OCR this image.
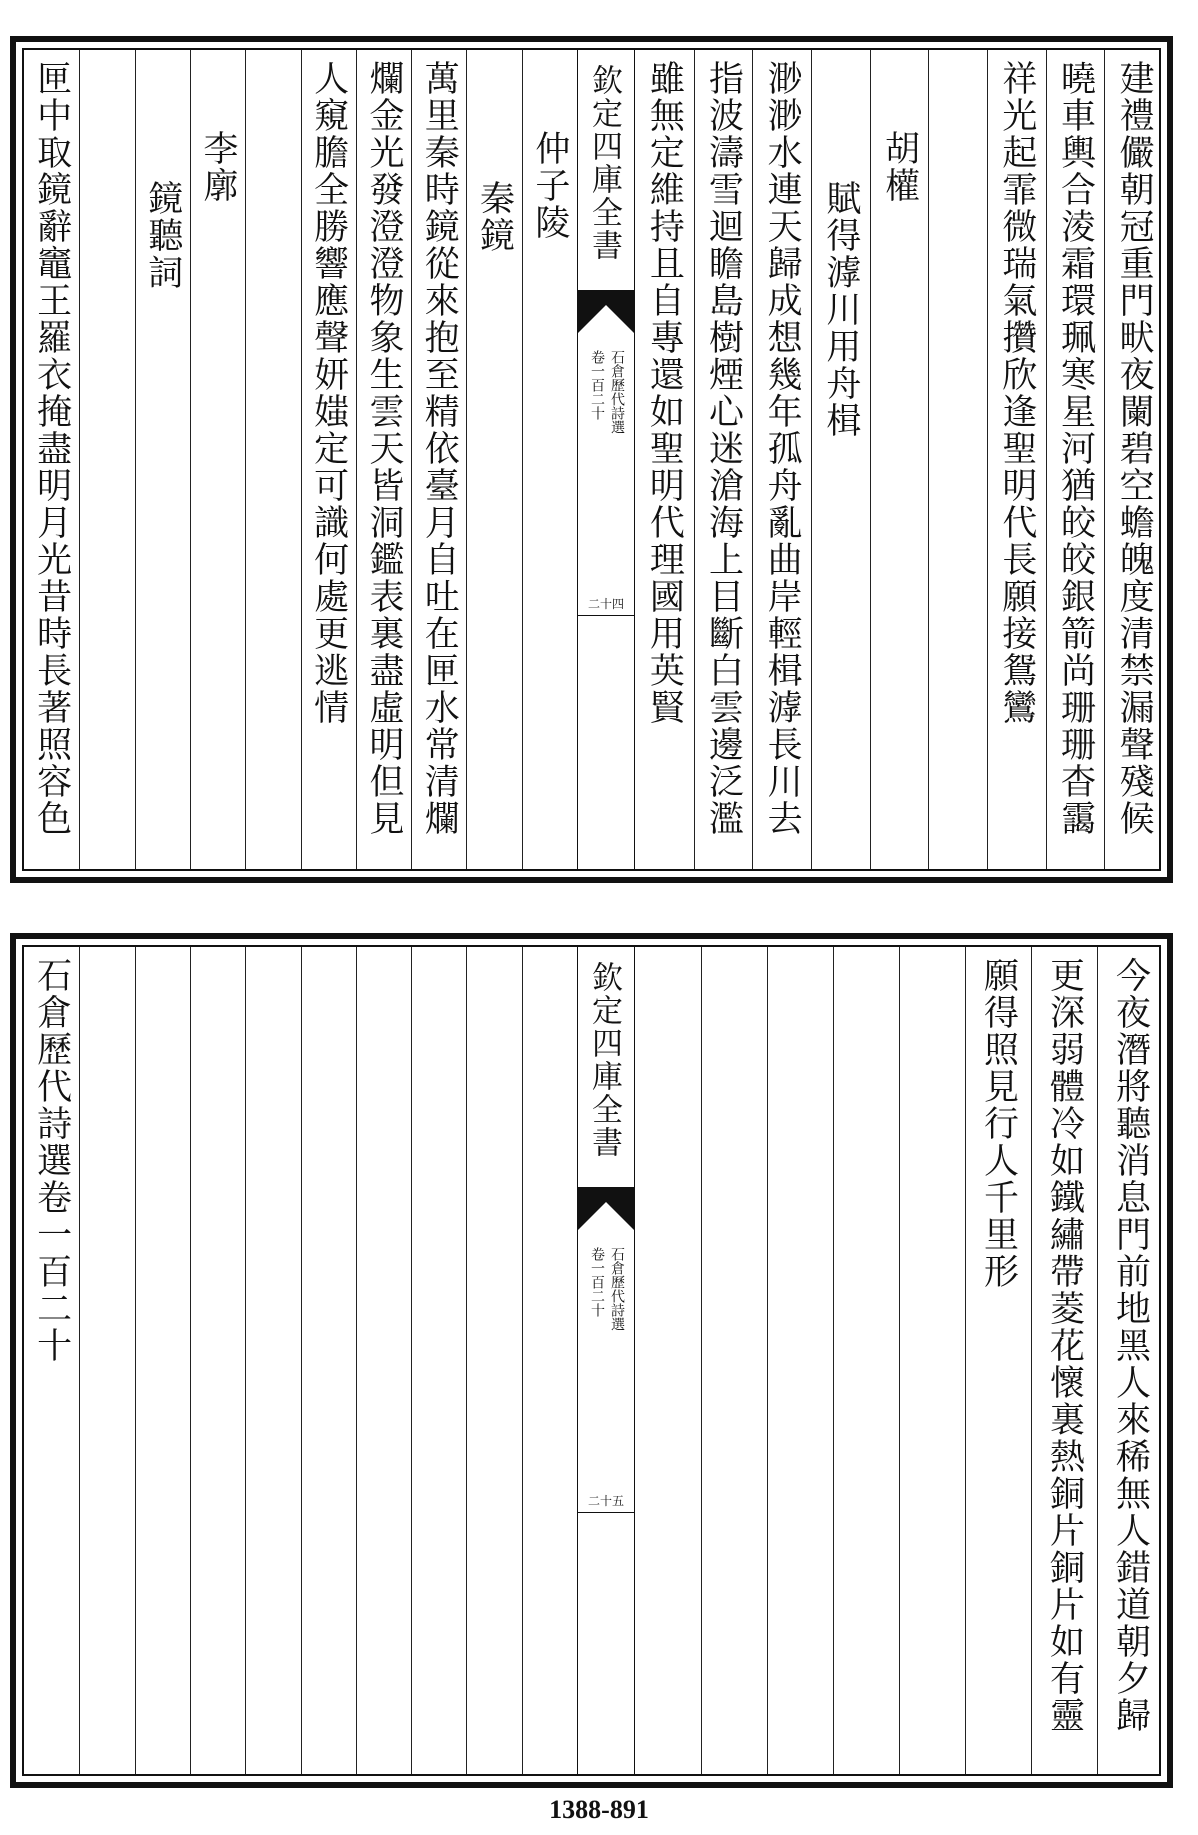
仲子陵
秦鏡
萬里秦時鏡從來抱至精依臺月自吐在匣水常清爛
爛金光發澄澄物象生雲天皆洞鑑表裏盡虛明但見
人窺膽全勝響應聲妍媸定可識何處更逃情
李廓
鏡聽詞
匣中取鏡辭竈王羅衣掩盡明月光昔時長著照容色	欽定四庫全書
石倉歷代詩選
卷一百二十
二十四	建禮儼朝冠重門畎夜闌碧空蟾魄度清禁漏聲殘候
曉車輿合淩霜環珮寒星河猶皎皎銀箭尚珊珊杳靄
祥光起霏微瑞氣攢欣逢聖明代長願接鴛鸞
胡權
賦得滹川用舟楫
渺渺水連天歸成想幾年孤舟亂曲岸輕楫滹長川去
指波濤雪迴瞻島樹煙心迷滄海上目斷白雲邊泛濫
雖無定維持且自專還如聖明代理國用英賢
石倉歷代詩選卷一百二十	欽定四庫全書
石倉歷代詩選
卷一百二十
二十五	今夜潛將聽消息門前地黑人來稀無人錯道朝夕歸
更深弱體冷如鐵繡帶菱花懷裏熱銅片銅片如有靈
願得照見行人千里形
1388-891
